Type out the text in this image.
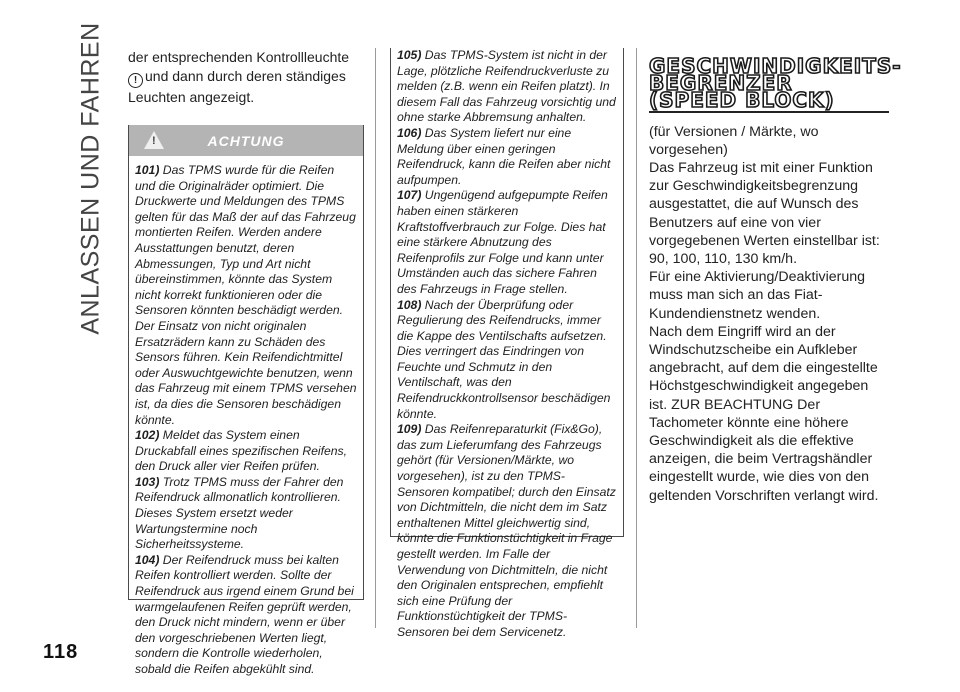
ANLASSEN UND FAHREN der entsprechenden Kontrollleuchte
! und dann durch deren ständiges
Leuchten angezeigt.

!	ACHTUNG

101) Das TPMS wurde für die Reifen und die Originalräder optimiert. Die Druckwerte und Meldungen des TPMS gelten für das Maß der auf das Fahrzeug montierten Reifen. Werden andere Ausstattungen benutzt, deren Abmessungen, Typ und Art nicht übereinstimmen, könnte das System nicht korrekt funktionieren oder die Sensoren könnten beschädigt werden. Der Einsatz von nicht originalen Ersatzrädern kann zu Schäden des Sensors führen. Kein Reifendichtmittel oder Auswuchtgewichte benutzen, wenn das Fahrzeug mit einem TPMS versehen ist, da dies die Sensoren beschädigen könnte.

102) Meldet das System einen Druckabfall eines spezifischen Reifens, den Druck aller vier Reifen prüfen.

103) Trotz TPMS muss der Fahrer den Reifendruck allmonatlich kontrollieren. Dieses System ersetzt weder Wartungstermine noch Sicherheitssysteme.

104) Der Reifendruck muss bei kalten Reifen kontrolliert werden. Sollte der Reifendruck aus irgend einem Grund bei warmgelaufenen Reifen geprüft werden, den Druck nicht mindern, wenn er über den vorgeschriebenen Werten liegt, sondern die Kontrolle wiederholen, sobald die Reifen abgekühlt sind.

105) Das TPMS-System ist nicht in der Lage, plötzliche Reifendruckverluste zu melden (z.B. wenn ein Reifen platzt). In diesem Fall das Fahrzeug vorsichtig und ohne starke Abbremsung anhalten.

106) Das System liefert nur eine Meldung über einen geringen Reifendruck, kann die Reifen aber nicht aufpumpen.

107) Ungenügend aufgepumpte Reifen haben einen stärkeren Kraftstoffverbrauch zur Folge. Dies hat eine stärkere Abnutzung des Reifenprofils zur Folge und kann unter Umständen auch das sichere Fahren des Fahrzeugs in Frage stellen.

108) Nach der Überprüfung oder Regulierung des Reifendrucks, immer die Kappe des Ventilschafts aufsetzen. Dies verringert das Eindringen von Feuchte und Schmutz in den Ventilschaft, was den Reifendruckkontrollsensor beschädigen könnte.

109) Das Reifenreparaturkit (Fix&Go), das zum Lieferumfang des Fahrzeugs gehört (für Versionen/Märkte, wo vorgesehen), ist zu den TPMS-Sensoren kompatibel; durch den Einsatz von Dichtmitteln, die nicht dem im Satz enthaltenen Mittel gleichwertig sind, könnte die Funktionstüchtigkeit in Frage gestellt werden. Im Falle der Verwendung von Dichtmitteln, die nicht den Originalen entsprechen, empfiehlt sich eine Prüfung der Funktionstüchtigkeit der TPMS-Sensoren bei dem Servicenetz.

GESCHWINDIGKEITS-
BEGRENZER
(SPEED BLOCK)

(für Versionen / Märkte, wo vorgesehen)

Das Fahrzeug ist mit einer Funktion zur Geschwindigkeitsbegrenzung ausgestattet, die auf Wunsch des Benutzers auf eine von vier vorgegebenen Werten einstellbar ist: 90, 100, 110, 130 km/h.

Für eine Aktivierung/Deaktivierung muss man sich an das Fiat-Kundendienstnetz wenden.

Nach dem Eingriff wird an der Windschutzscheibe ein Aufkleber angebracht, auf dem die eingestellte Höchstgeschwindigkeit angegeben ist. ZUR BEACHTUNG Der Tachometer könnte eine höhere Geschwindigkeit als die effektive anzeigen, die beim Vertragshändler eingestellt wurde, wie dies von den geltenden Vorschriften verlangt wird.

118
